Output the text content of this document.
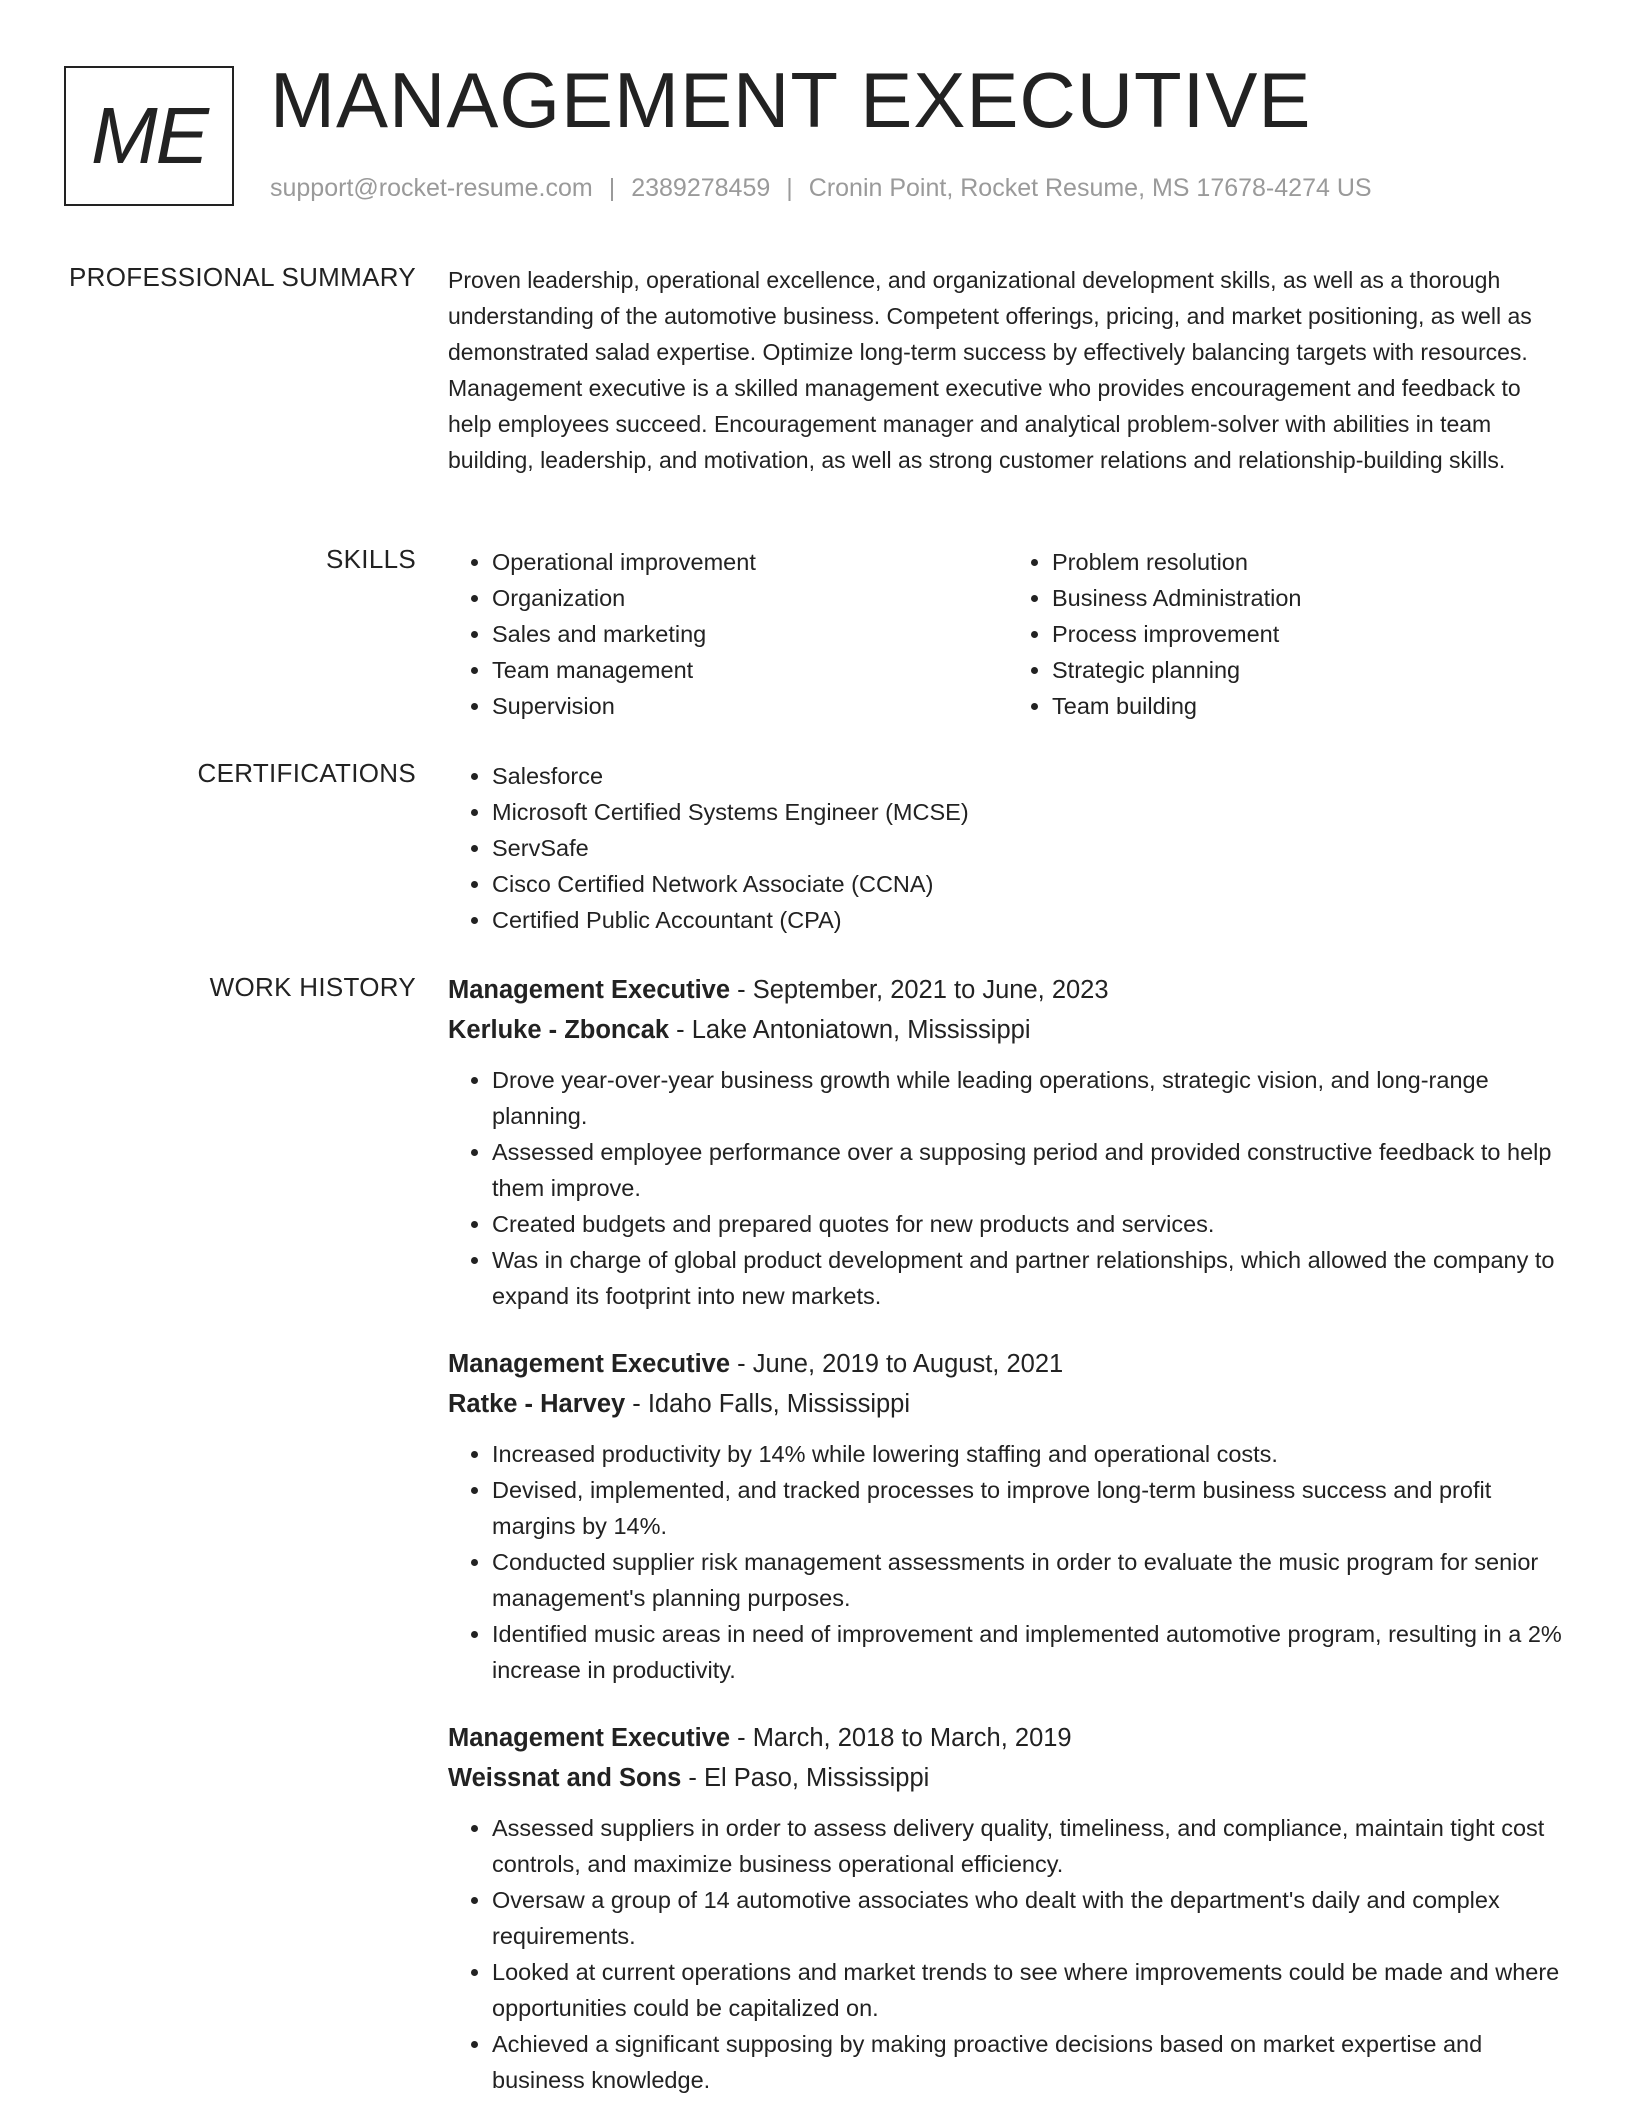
ME MANAGEMENT EXECUTIVE
support@rocket-resume.com | 2389278459 | Cronin Point, Rocket Resume, MS 17678-4274 US
PROFESSIONAL SUMMARY Proven leadership, operational excellence, and organizational development skills, as well as a thorough understanding of the automotive business. Competent offerings, pricing, and market positioning, as well as demonstrated salad expertise. Optimize long-term success by effectively balancing targets with resources. Management executive is a skilled management executive who provides encouragement and feedback to help employees succeed. Encouragement manager and analytical problem-solver with abilities in team building, leadership, and motivation, as well as strong customer relations and relationship-building skills.

SKILLS	• Operational improvement
• Organization
• Sales and marketing
• Team management
• Supervision
• Problem resolution
• Business Administration
• Process improvement
• Strategic planning
• Team building
CERTIFICATIONS	• Salesforce
• Microsoft Certified Systems Engineer (MCSE)
• ServSafe
• Cisco Certified Network Associate (CCNA)
• Certified Public Accountant (CPA)
WORK HISTORY Management Executive - September, 2021 to June, 2023
Kerluke - Zboncak - Lake Antoniatown, Mississippi
• Drove year-over-year business growth while leading operations, strategic vision, and long-range planning.
• Assessed employee performance over a supposing period and provided constructive feedback to help them improve.
• Created budgets and prepared quotes for new products and services.
• Was in charge of global product development and partner relationships, which allowed the company to expand its footprint into new markets.
Management Executive - June, 2019 to August, 2021
Ratke - Harvey - Idaho Falls, Mississippi
• Increased productivity by 14% while lowering staffing and operational costs.
• Devised, implemented, and tracked processes to improve long-term business success and profit margins by 14%.
• Conducted supplier risk management assessments in order to evaluate the music program for senior management's planning purposes.
• Identified music areas in need of improvement and implemented automotive program, resulting in a 2% increase in productivity.
Management Executive - March, 2018 to March, 2019
Weissnat and Sons - El Paso, Mississippi
• Assessed suppliers in order to assess delivery quality, timeliness, and compliance, maintain tight cost controls, and maximize business operational efficiency.
• Oversaw a group of 14 automotive associates who dealt with the department's daily and complex requirements.
• Looked at current operations and market trends to see where improvements could be made and where opportunities could be capitalized on.
• Achieved a significant supposing by making proactive decisions based on market expertise and business knowledge.
